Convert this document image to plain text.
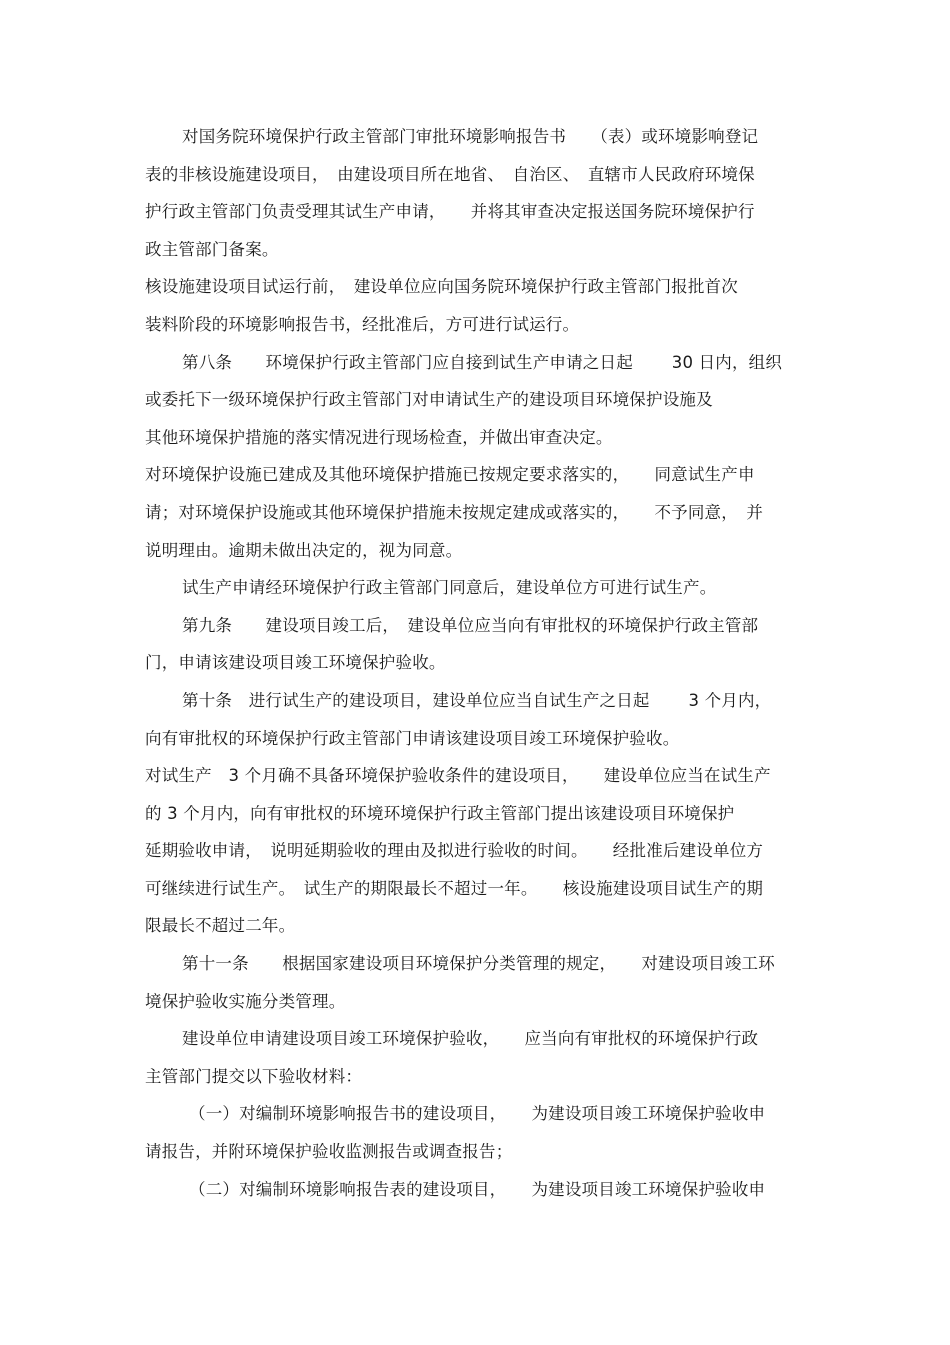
对国务院环境保护行政主管部门审批环境影响报告书　　（表）或环境影响登记
表的非核设施建设项目，　由建设项目所在地省、　自治区、　直辖市人民政府环境保
护行政主管部门负责受理其试生产申请，　　并将其审查决定报送国务院环境保护行
政主管部门备案。
核设施建设项目试运行前，　建设单位应向国务院环境保护行政主管部门报批首次
装料阶段的环境影响报告书，经批准后，方可进行试运行。
第八条　　环境保护行政主管部门应自接到试生产申请之日起　　 30 日内，组织
或委托下一级环境保护行政主管部门对申请试生产的建设项目环境保护设施及
其他环境保护措施的落实情况进行现场检查，并做出审查决定。
对环境保护设施已建成及其他环境保护措施已按规定要求落实的，　　同意试生产申
请；对环境保护设施或其他环境保护措施未按规定建成或落实的，　　不予同意，　并
说明理由。逾期未做出决定的，视为同意。
试生产申请经环境保护行政主管部门同意后，建设单位方可进行试生产。
第九条　　建设项目竣工后，　建设单位应当向有审批权的环境保护行政主管部
门，申请该建设项目竣工环境保护验收。
第十条　进行试生产的建设项目，建设单位应当自试生产之日起　　 3 个月内，
向有审批权的环境保护行政主管部门申请该建设项目竣工环境保护验收。
对试生产　3 个月确不具备环境保护验收条件的建设项目，　　建设单位应当在试生产
的 3 个月内，向有审批权的环境环境保护行政主管部门提出该建设项目环境保护
延期验收申请，　说明延期验收的理由及拟进行验收的时间。　　经批准后建设单位方
可继续进行试生产。　试生产的期限最长不超过一年。　　核设施建设项目试生产的期
限最长不超过二年。
第十一条　　根据国家建设项目环境保护分类管理的规定，　　对建设项目竣工环
境保护验收实施分类管理。
建设单位申请建设项目竣工环境保护验收，　　应当向有审批权的环境保护行政
主管部门提交以下验收材料：
（一）对编制环境影响报告书的建设项目，　　为建设项目竣工环境保护验收申
请报告，并附环境保护验收监测报告或调查报告；
（二）对编制环境影响报告表的建设项目，　　为建设项目竣工环境保护验收申
